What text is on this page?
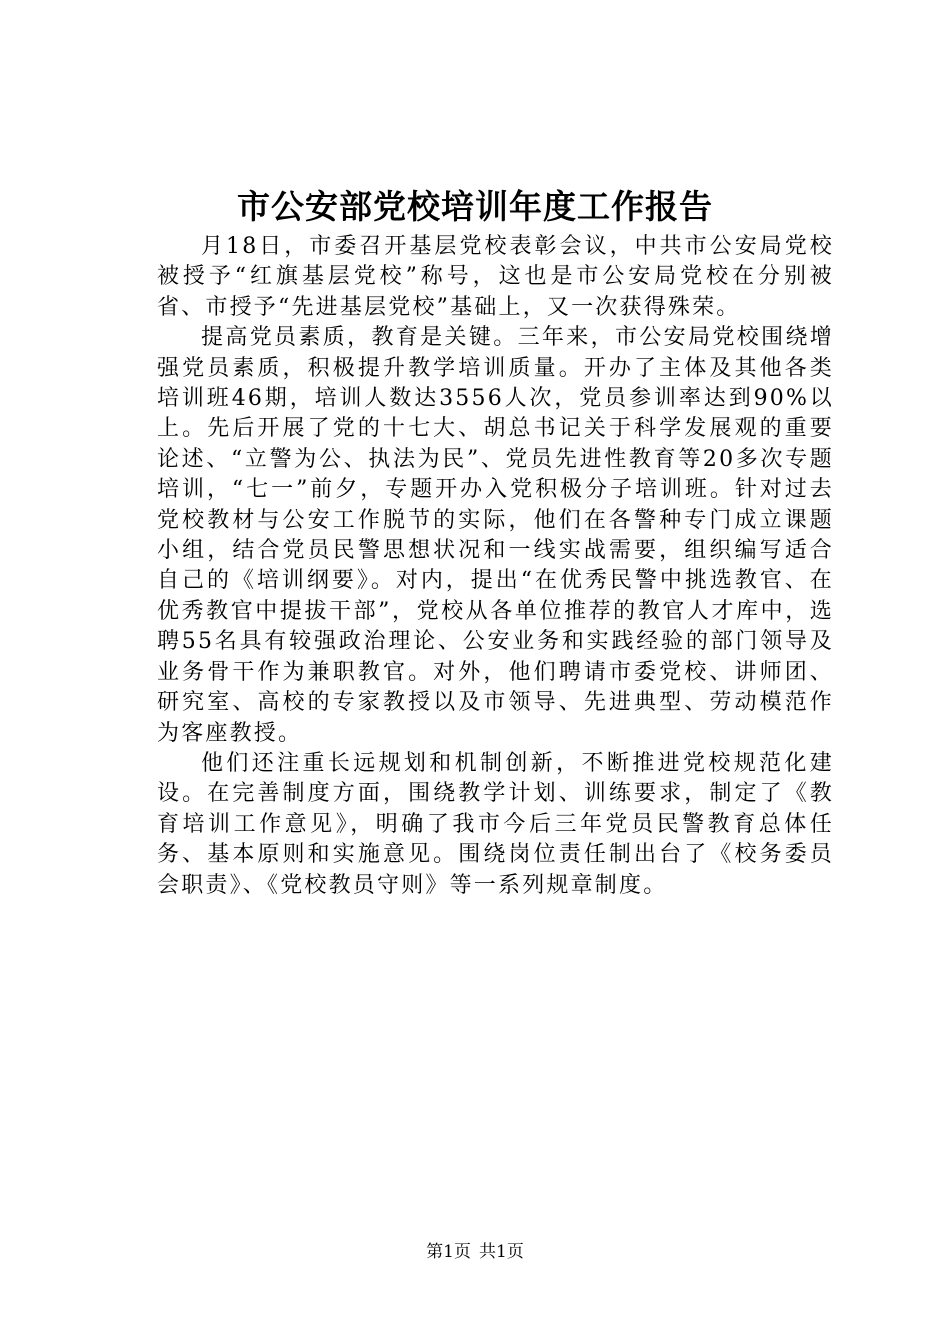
市公安部党校培训年度工作报告

月18日，市委召开基层党校表彰会议，中共市公安局党校被授予“红旗基层党校”称号，这也是市公安局党校在分别被省、市授予“先进基层党校”基础上，又一次获得殊荣。

提高党员素质，教育是关键。三年来，市公安局党校围绕增强党员素质，积极提升教学培训质量。开办了主体及其他各类培训班46期，培训人数达3556人次，党员参训率达到90%以上。先后开展了党的十七大、胡总书记关于科学发展观的重要论述、“立警为公、执法为民”、党员先进性教育等20多次专题培训，“七一”前夕，专题开办入党积极分子培训班。针对过去党校教材与公安工作脱节的实际，他们在各警种专门成立课题小组，结合党员民警思想状况和一线实战需要，组织编写适合自己的《培训纲要》。对内，提出“在优秀民警中挑选教官、在优秀教官中提拔干部”，党校从各单位推荐的教官人才库中，选聘55名具有较强政治理论、公安业务和实践经验的部门领导及业务骨干作为兼职教官。对外，他们聘请市委党校、讲师团、研究室、高校的专家教授以及市领导、先进典型、劳动模范作为客座教授。

他们还注重长远规划和机制创新，不断推进党校规范化建设。在完善制度方面，围绕教学计划、训练要求，制定了《教育培训工作意见》，明确了我市今后三年党员民警教育总体任务、基本原则和实施意见。围绕岗位责任制出台了《校务委员会职责》、《党校教员守则》等一系列规章制度。

第1页 共1页
